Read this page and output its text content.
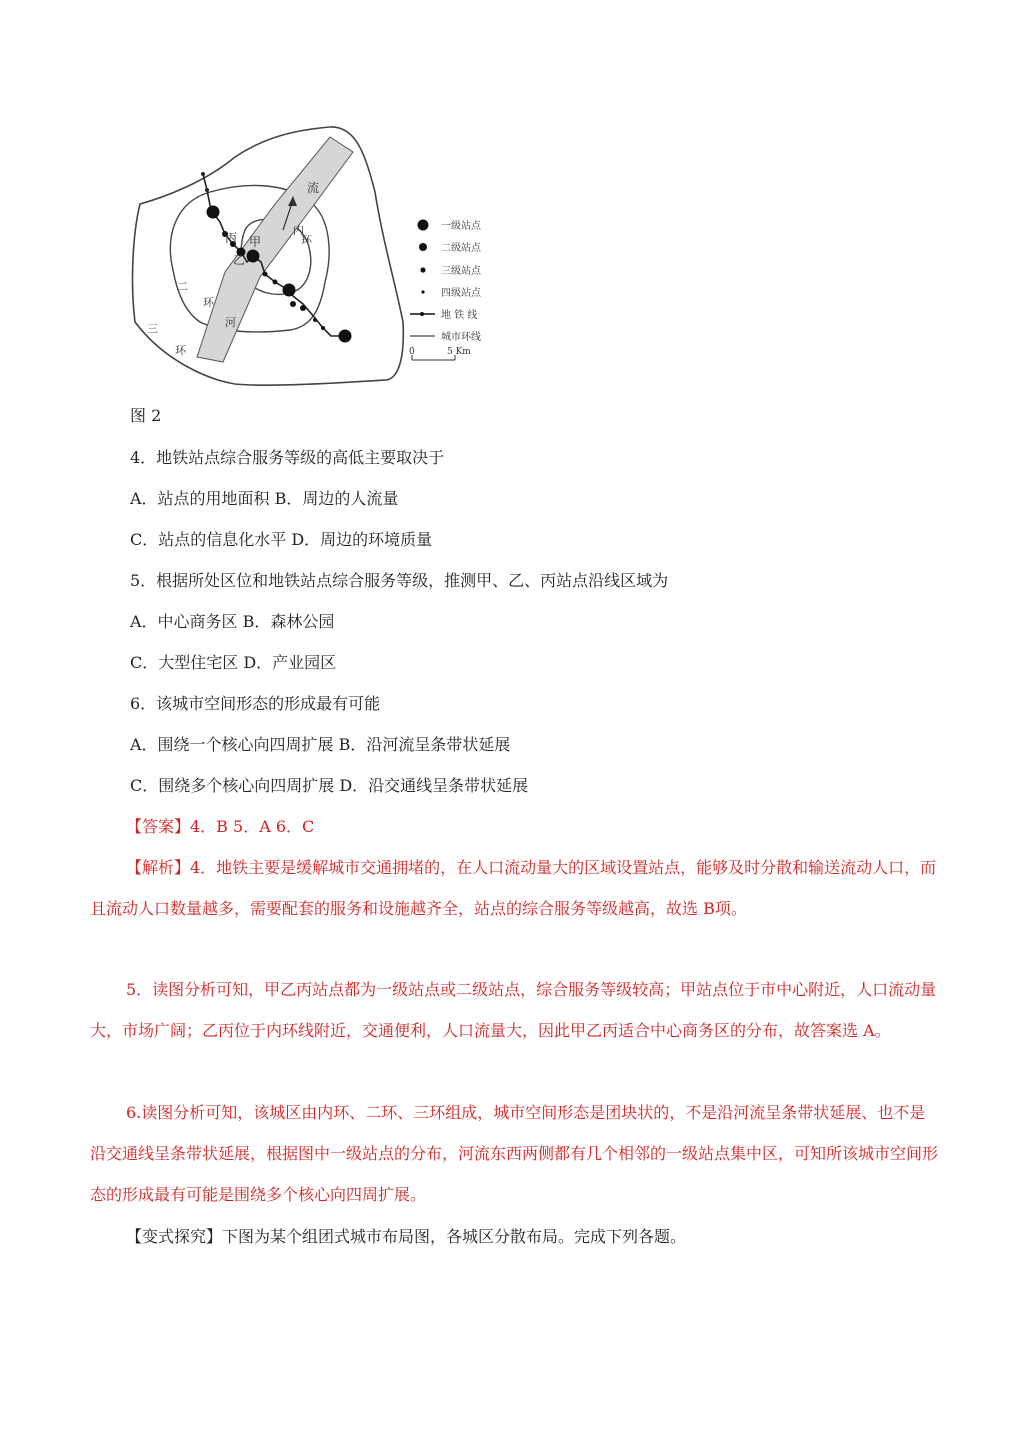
流
河
丙 甲
乙
内
环
二
环
三
环
一级站点
二级站点
三级站点
四级站点
地 铁 线
城市环线
0	5 Km
图 2
4．地铁站点综合服务等级的高低主要取决于
A．站点的用地面积 B．周边的人流量
C．站点的信息化水平 D．周边的环境质量
5．根据所处区位和地铁站点综合服务等级，推测甲、乙、丙站点沿线区域为
A．中心商务区 B．森林公园
C．大型住宅区 D．产业园区
6．该城市空间形态的形成最有可能
A．围绕一个核心向四周扩展 B．沿河流呈条带状延展
C．围绕多个核心向四周扩展 D．沿交通线呈条带状延展
【答案】4．B 5．A 6．C
【解析】4．地铁主要是缓解城市交通拥堵的，在人口流动量大的区域设置站点，能够及时分散和输送流动人口，而且流动人口数量越多，需要配套的服务和设施越齐全，站点的综合服务等级越高，故选 B项。
5．读图分析可知，甲乙丙站点都为一级站点或二级站点，综合服务等级较高；甲站点位于市中心附近，人口流动量大，市场广阔；乙丙位于内环线附近，交通便利，人口流量大，因此甲乙丙适合中心商务区的分布，故答案选 A。
6.读图分析可知，该城区由内环、二环、三环组成，城市空间形态是团块状的，不是沿河流呈条带状延展、也不是沿交通线呈条带状延展，根据图中一级站点的分布，河流东西两侧都有几个相邻的一级站点集中区，可知所该城市空间形态的形成最有可能是围绕多个核心向四周扩展。
【变式探究】下图为某个组团式城市布局图，各城区分散布局。完成下列各题。
